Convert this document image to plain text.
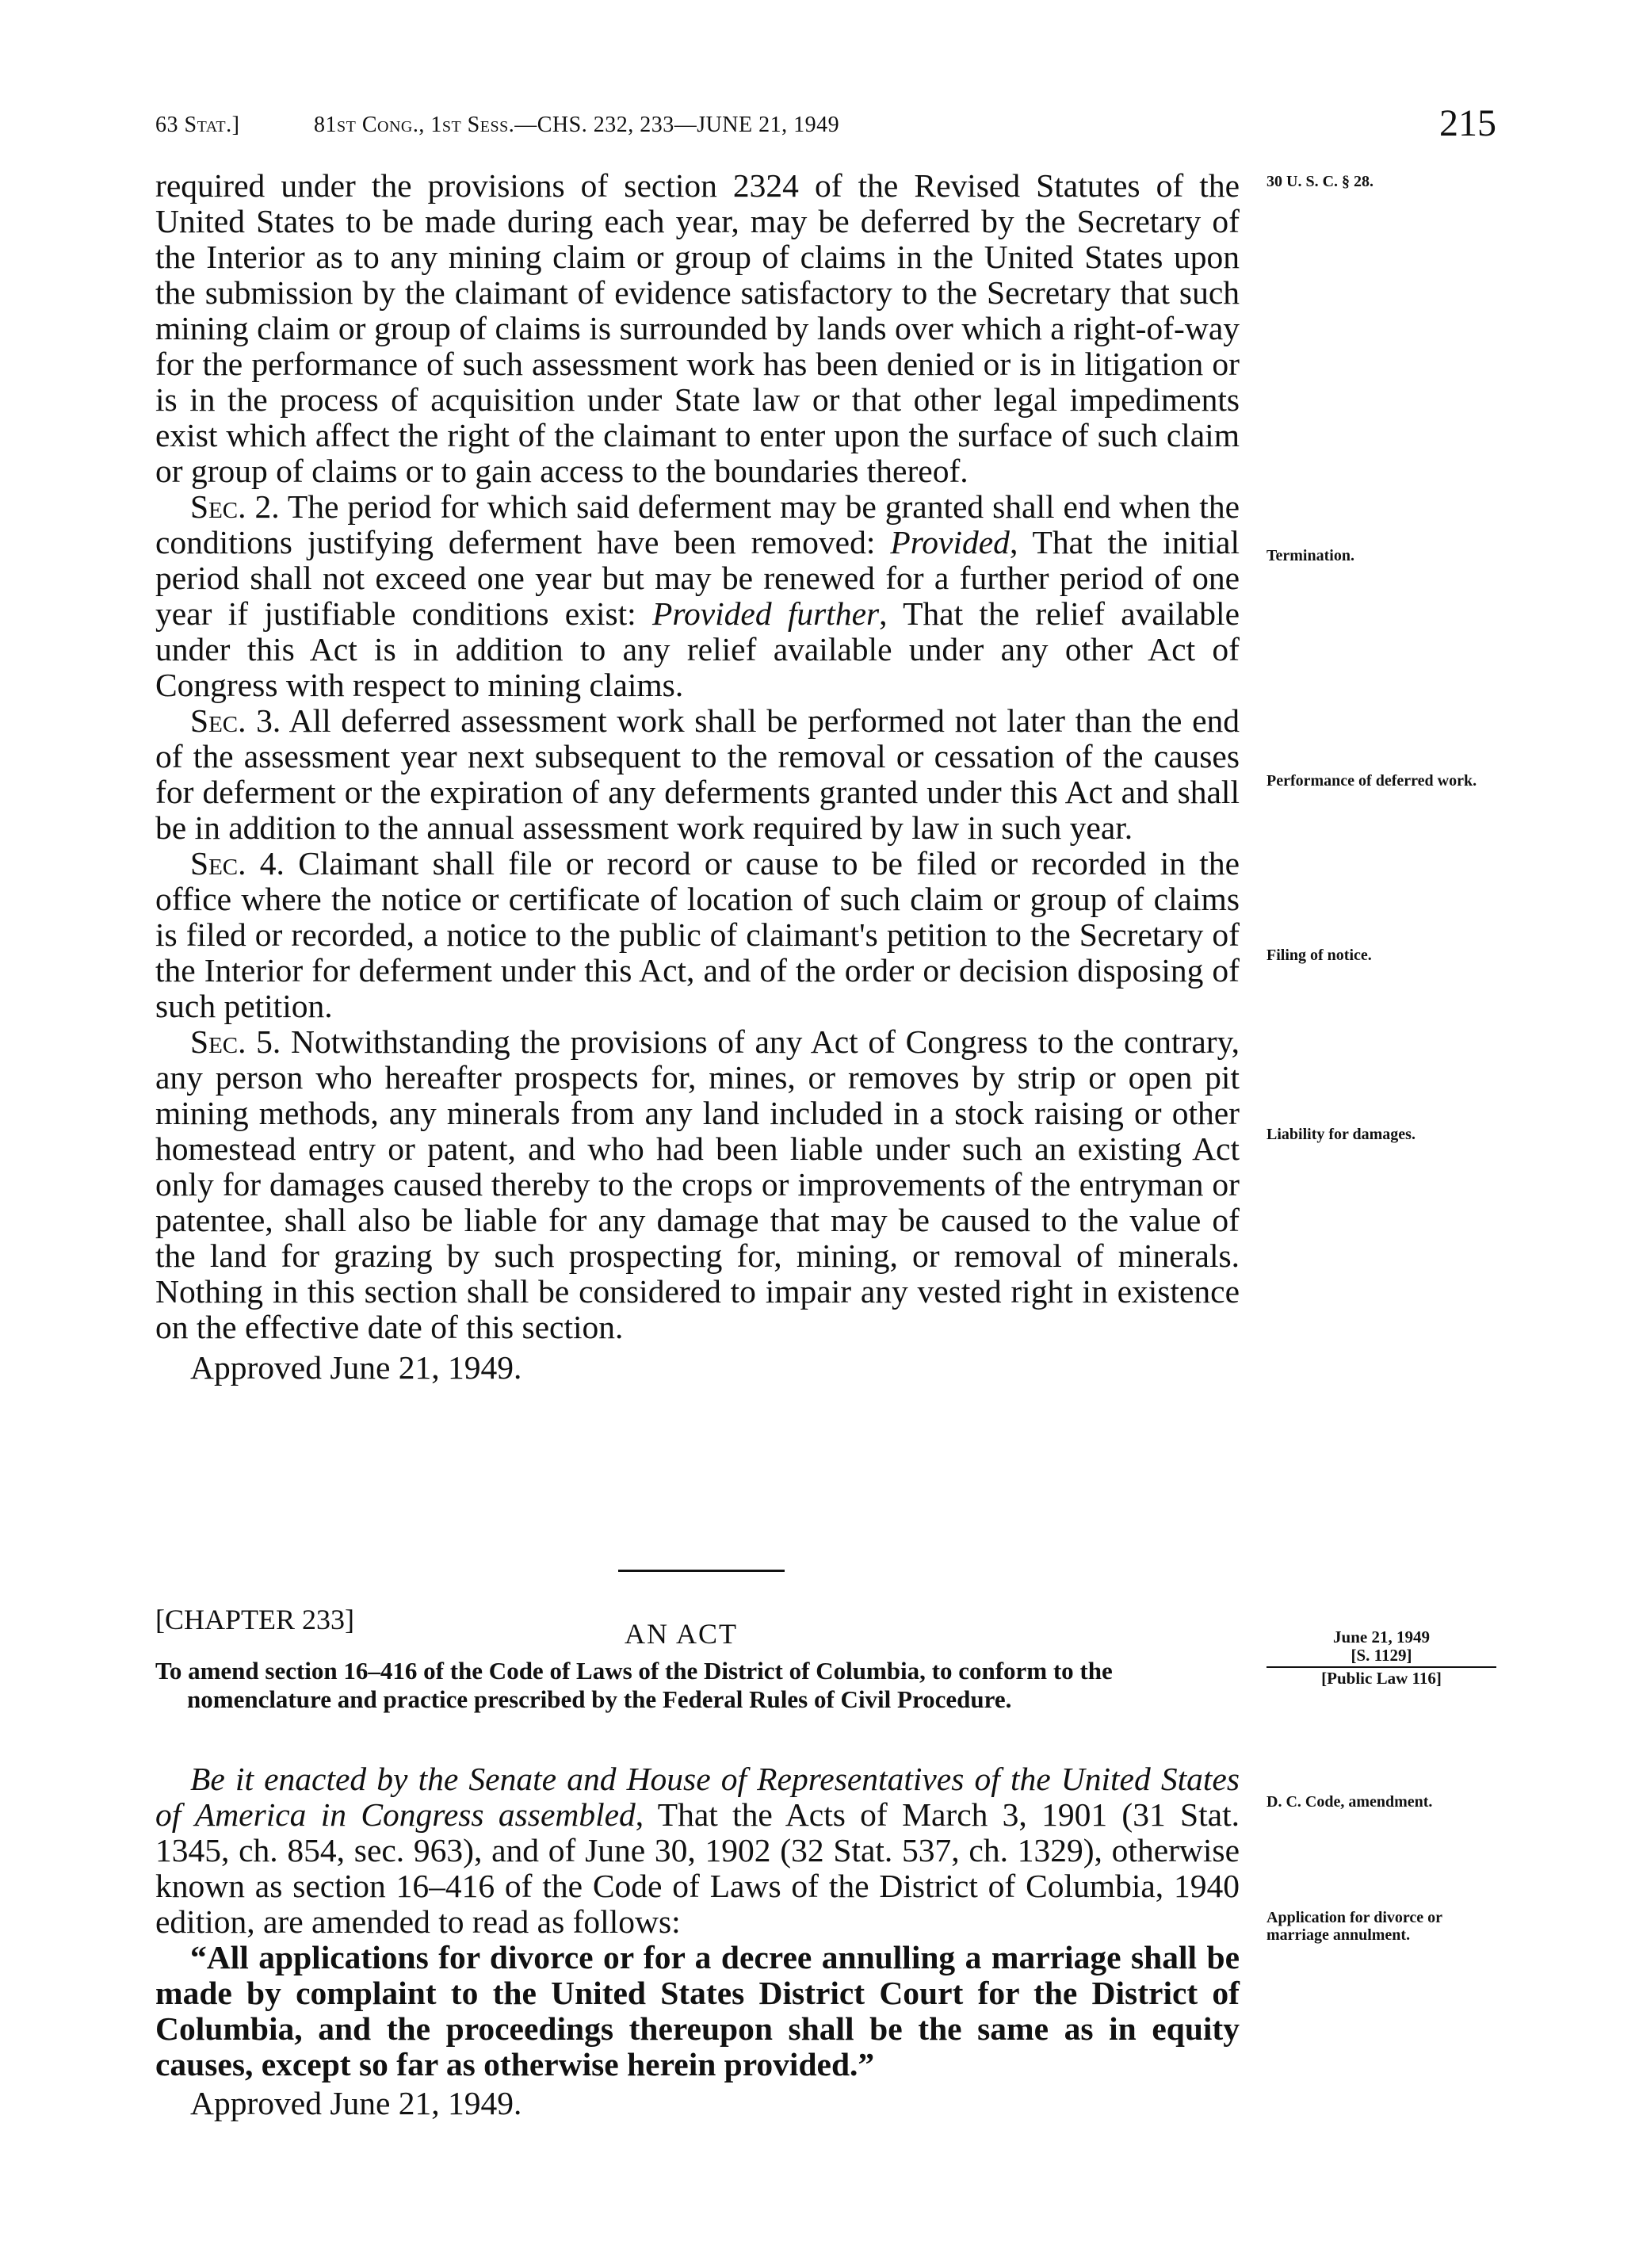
63 Stat.]	81st Cong., 1st Sess.—CHS. 232, 233—JUNE 21, 1949	215

required under the provisions of section 2324 of the Revised Statutes of the United States to be made during each year, may be deferred by the Secretary of the Interior as to any mining claim or group of claims in the United States upon the submission by the claimant of evidence satisfactory to the Secretary that such mining claim or group of claims is surrounded by lands over which a right-of-way for the performance of such assessment work has been denied or is in litigation or is in the process of acquisition under State law or that other legal impediments exist which affect the right of the claimant to enter upon the surface of such claim or group of claims or to gain access to the boundaries thereof.

Sec. 2. The period for which said deferment may be granted shall end when the conditions justifying deferment have been removed: Provided, That the initial period shall not exceed one year but may be renewed for a further period of one year if justifiable conditions exist: Provided further, That the relief available under this Act is in addition to any relief available under any other Act of Congress with respect to mining claims.

Sec. 3. All deferred assessment work shall be performed not later than the end of the assessment year next subsequent to the removal or cessation of the causes for deferment or the expiration of any deferments granted under this Act and shall be in addition to the annual assessment work required by law in such year.

Sec. 4. Claimant shall file or record or cause to be filed or recorded in the office where the notice or certificate of location of such claim or group of claims is filed or recorded, a notice to the public of claimant's petition to the Secretary of the Interior for deferment under this Act, and of the order or decision disposing of such petition.

Sec. 5. Notwithstanding the provisions of any Act of Congress to the contrary, any person who hereafter prospects for, mines, or removes by strip or open pit mining methods, any minerals from any land included in a stock raising or other homestead entry or patent, and who had been liable under such an existing Act only for damages caused thereby to the crops or improvements of the entryman or patentee, shall also be liable for any damage that may be caused to the value of the land for grazing by such prospecting for, mining, or removal of minerals. Nothing in this section shall be considered to impair any vested right in existence on the effective date of this section.

Approved June 21, 1949.

30 U. S. C. § 28.
Termination.
Performance of deferred work.
Filing of notice.
Liability for damages.
[CHAPTER 233]	AN ACT	June 21, 1949
[S. 1129]
[Public Law 116]
To amend section 16–416 of the Code of Laws of the District of Columbia, to conform to the nomenclature and practice prescribed by the Federal Rules of Civil Procedure.

Be it enacted by the Senate and House of Representatives of the United States of America in Congress assembled, That the Acts of March 3, 1901 (31 Stat. 1345, ch. 854, sec. 963), and of June 30, 1902 (32 Stat. 537, ch. 1329), otherwise known as section 16–416 of the Code of Laws of the District of Columbia, 1940 edition, are amended to read as follows:

“All applications for divorce or for a decree annulling a marriage shall be made by complaint to the United States District Court for the District of Columbia, and the proceedings thereupon shall be the same as in equity causes, except so far as otherwise herein provided.”

Approved June 21, 1949.

D. C. Code, amendment.
Application for divorce or marriage annulment.
